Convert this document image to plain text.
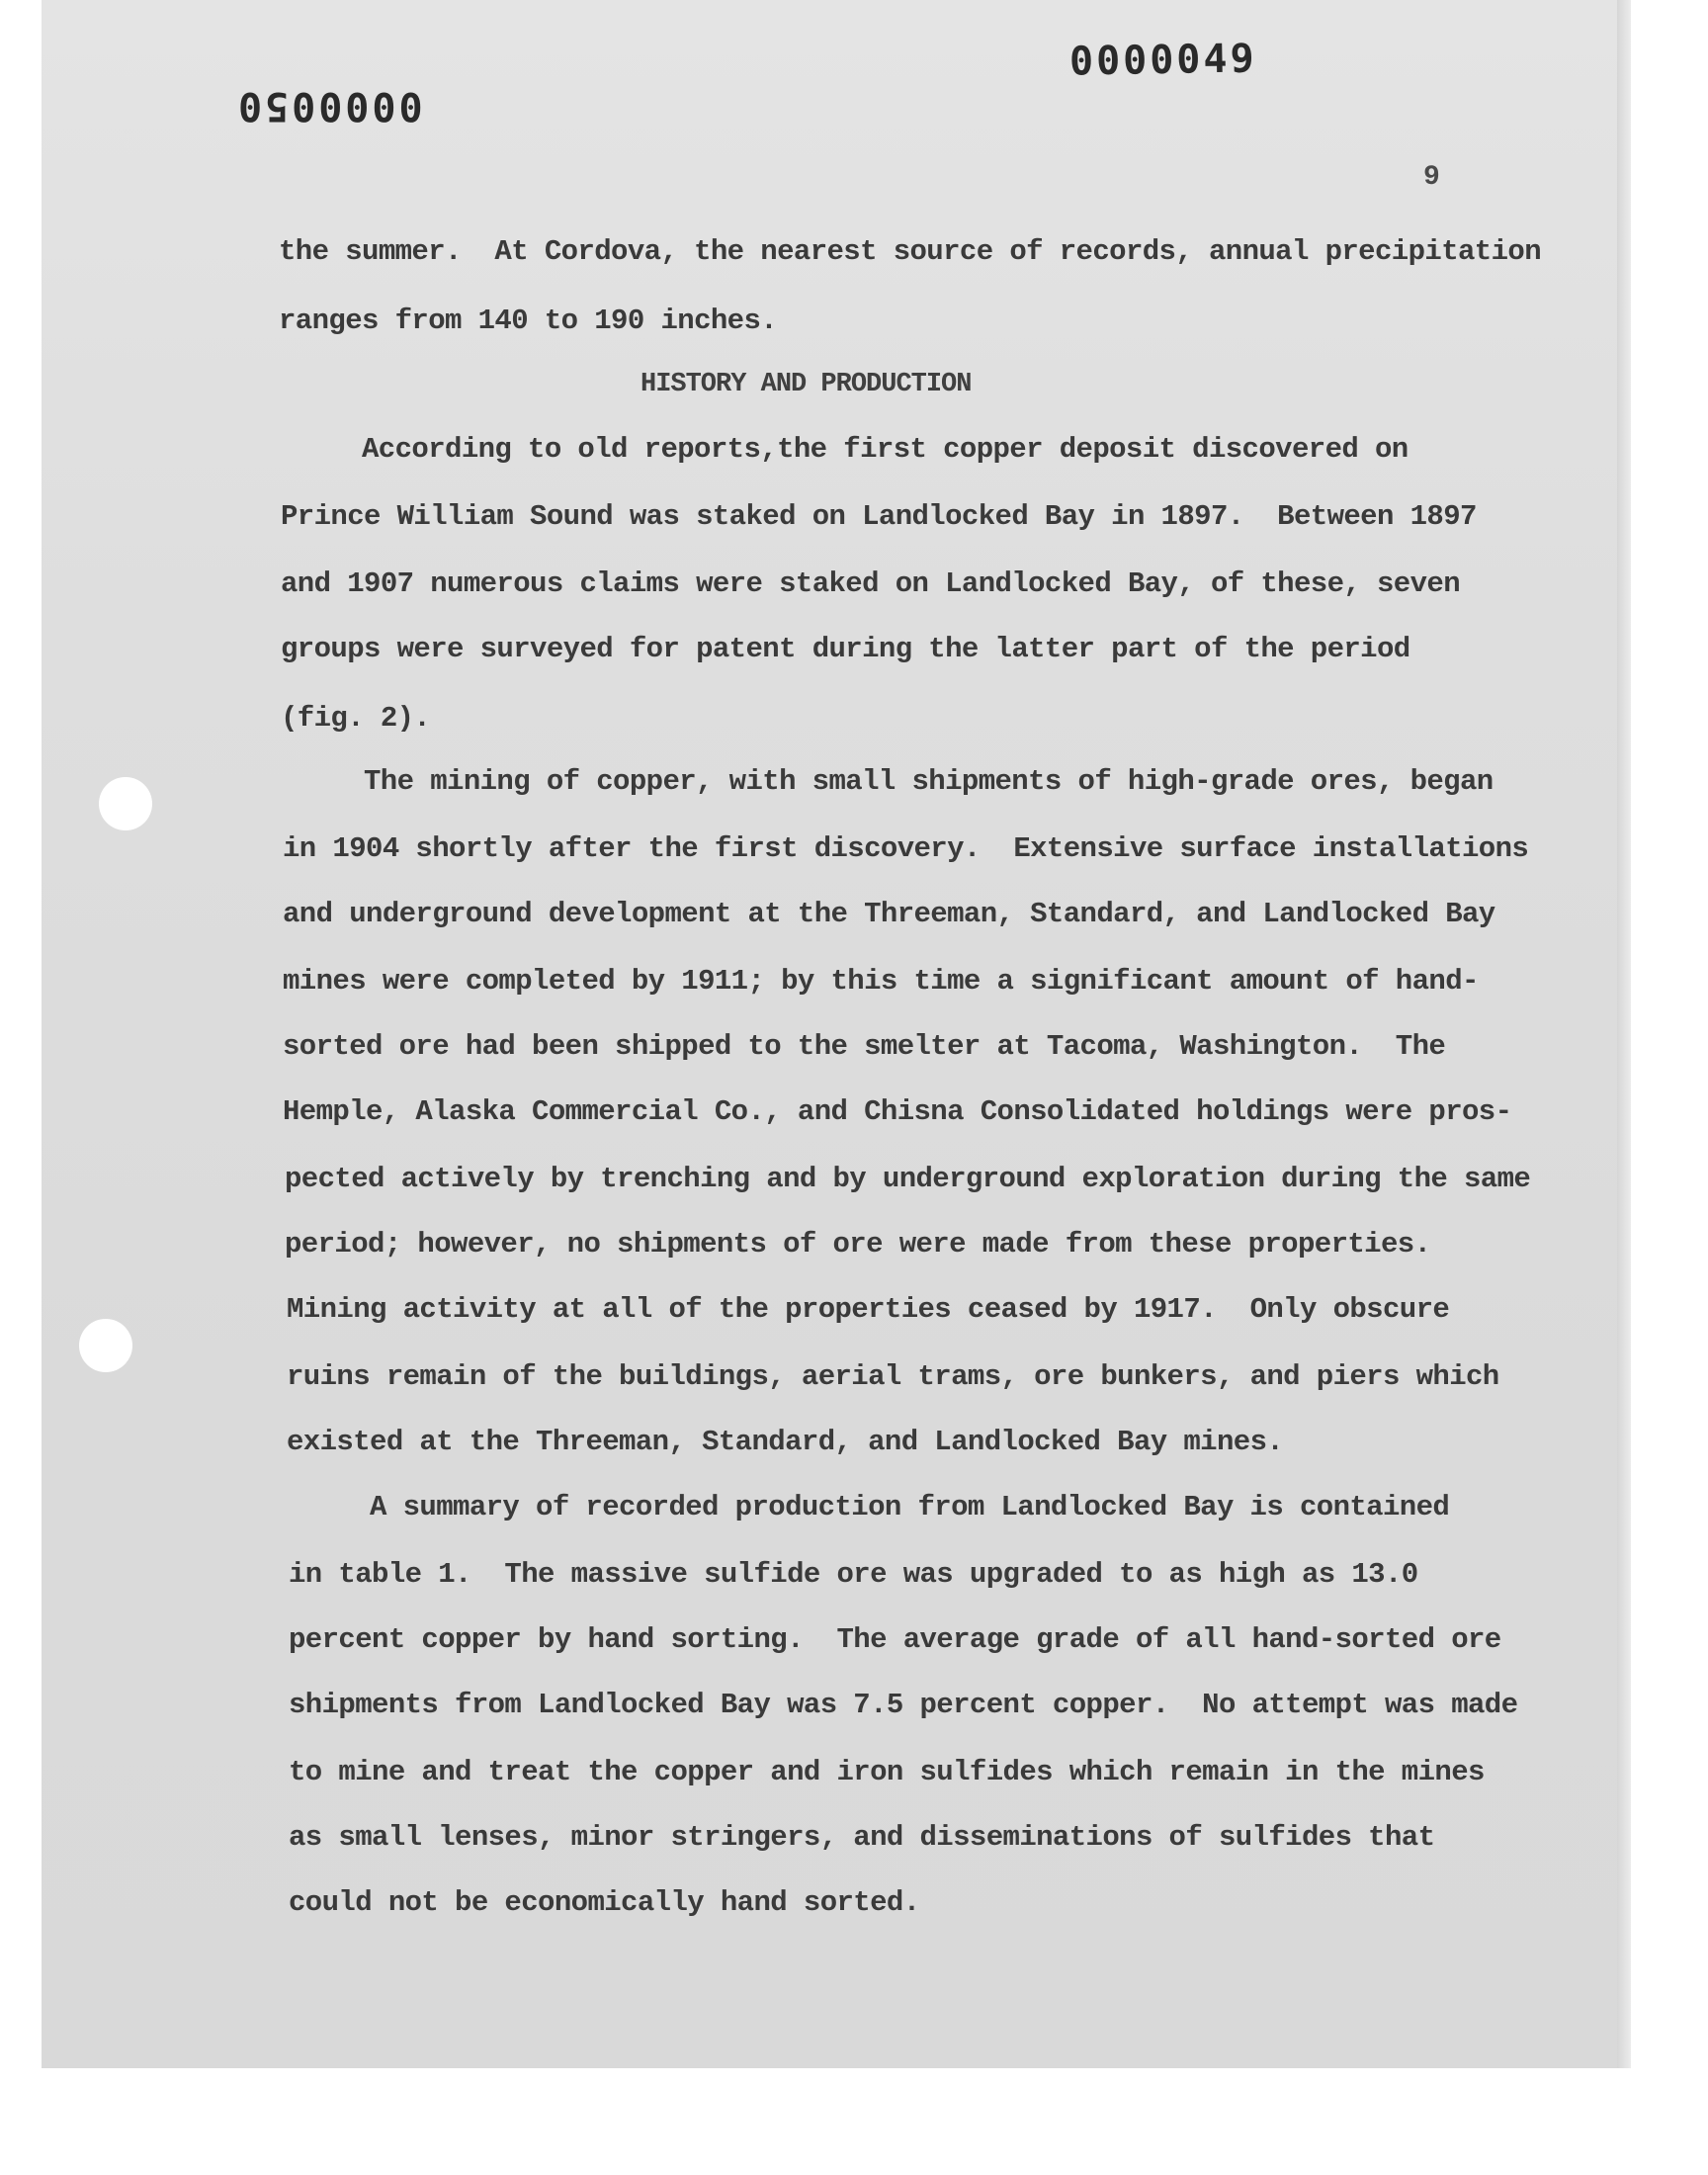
0000050
0000049
9
the summer.  At Cordova, the nearest source of records, annual precipitation
ranges from 140 to 190 inches.
HISTORY AND PRODUCTION
According to old reports,the first copper deposit discovered on
Prince William Sound was staked on Landlocked Bay in 1897.  Between 1897
and 1907 numerous claims were staked on Landlocked Bay, of these, seven
groups were surveyed for patent during the latter part of the period
(fig. 2).
The mining of copper, with small shipments of high-grade ores, began
in 1904 shortly after the first discovery.  Extensive surface installations
and underground development at the Threeman, Standard, and Landlocked Bay
mines were completed by 1911; by this time a significant amount of hand-
sorted ore had been shipped to the smelter at Tacoma, Washington.  The
Hemple, Alaska Commercial Co., and Chisna Consolidated holdings were pros-
pected actively by trenching and by underground exploration during the same
period; however, no shipments of ore were made from these properties.
Mining activity at all of the properties ceased by 1917.  Only obscure
ruins remain of the buildings, aerial trams, ore bunkers, and piers which
existed at the Threeman, Standard, and Landlocked Bay mines.
A summary of recorded production from Landlocked Bay is contained
in table 1.  The massive sulfide ore was upgraded to as high as 13.0
percent copper by hand sorting.  The average grade of all hand-sorted ore
shipments from Landlocked Bay was 7.5 percent copper.  No attempt was made
to mine and treat the copper and iron sulfides which remain in the mines
as small lenses, minor stringers, and disseminations of sulfides that
could not be economically hand sorted.
